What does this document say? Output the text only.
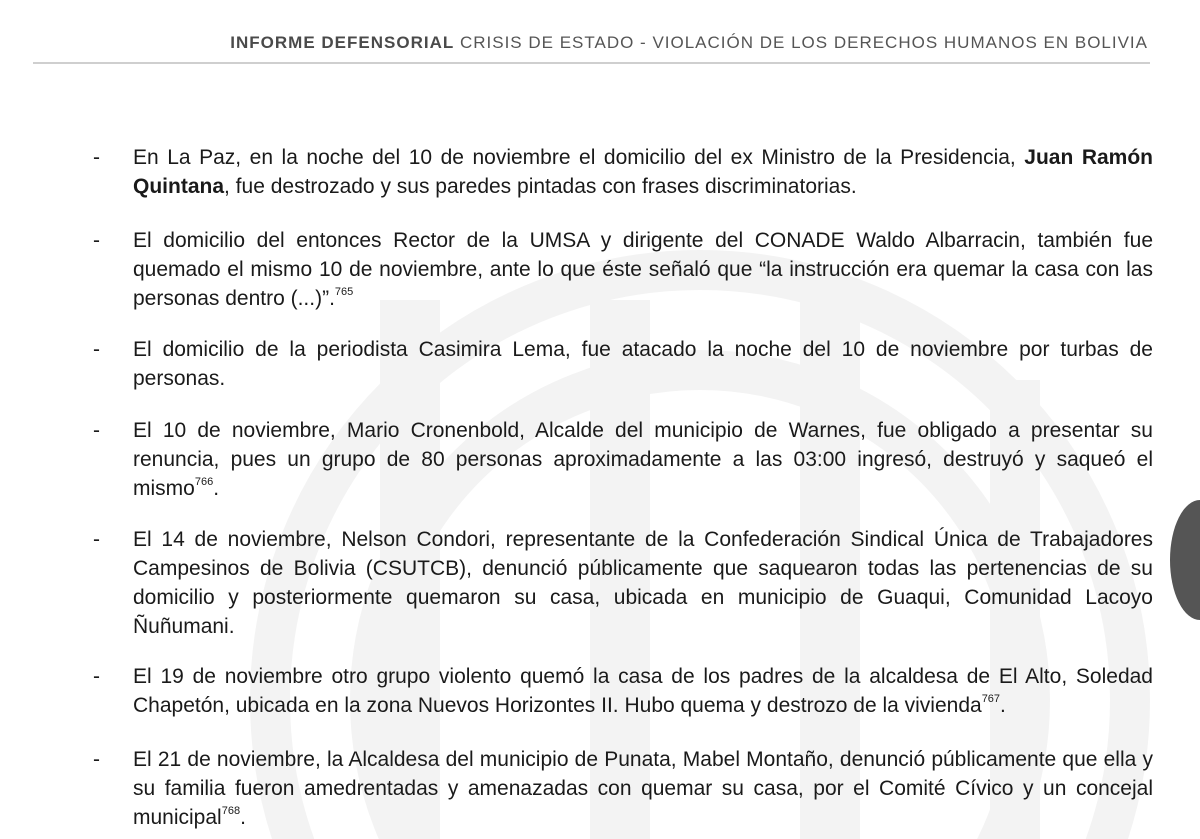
INFORME DEFENSORIAL CRISIS DE ESTADO - VIOLACIÓN DE LOS DERECHOS HUMANOS EN BOLIVIA
-	En La Paz, en la noche del 10 de noviembre el domicilio del ex Ministro de la Presidencia, Juan Ramón Quintana, fue destrozado y sus paredes pintadas con frases discriminatorias.
-	El domicilio del entonces Rector de la UMSA y dirigente del CONADE Waldo Albarracin, también fue quemado el mismo 10 de noviembre, ante lo que éste señaló que “la instrucción era quemar la casa con las personas dentro (...)”.$^{765}$
-	El domicilio de la periodista Casimira Lema, fue atacado la noche del 10 de noviembre por turbas de personas.
-	El 10 de noviembre, Mario Cronenbold, Alcalde del municipio de Warnes, fue obligado a presentar su renuncia, pues un grupo de 80 personas aproximadamente a las 03:00 ingresó, destruyó y saqueó el mismo$^{766}$.
-	El 14 de noviembre, Nelson Condori, representante de la Confederación Sindical Única de Trabajadores Campesinos de Bolivia (CSUTCB), denunció públicamente que saquearon todas las pertenencias de su domicilio y posteriormente quemaron su casa, ubicada en municipio de Guaqui, Comunidad Lacoyo Ñuñumani.
-	El 19 de noviembre otro grupo violento quemó la casa de los padres de la alcaldesa de El Alto, Soledad Chapetón, ubicada en la zona Nuevos Horizontes II. Hubo quema y destrozo de la vivienda$^{767}$.
-	El 21 de noviembre, la Alcaldesa del municipio de Punata, Mabel Montaño, denunció públicamente que ella y su familia fueron amedrentadas y amenazadas con quemar su casa, por el Comité Cívico y un concejal municipal$^{768}$.
